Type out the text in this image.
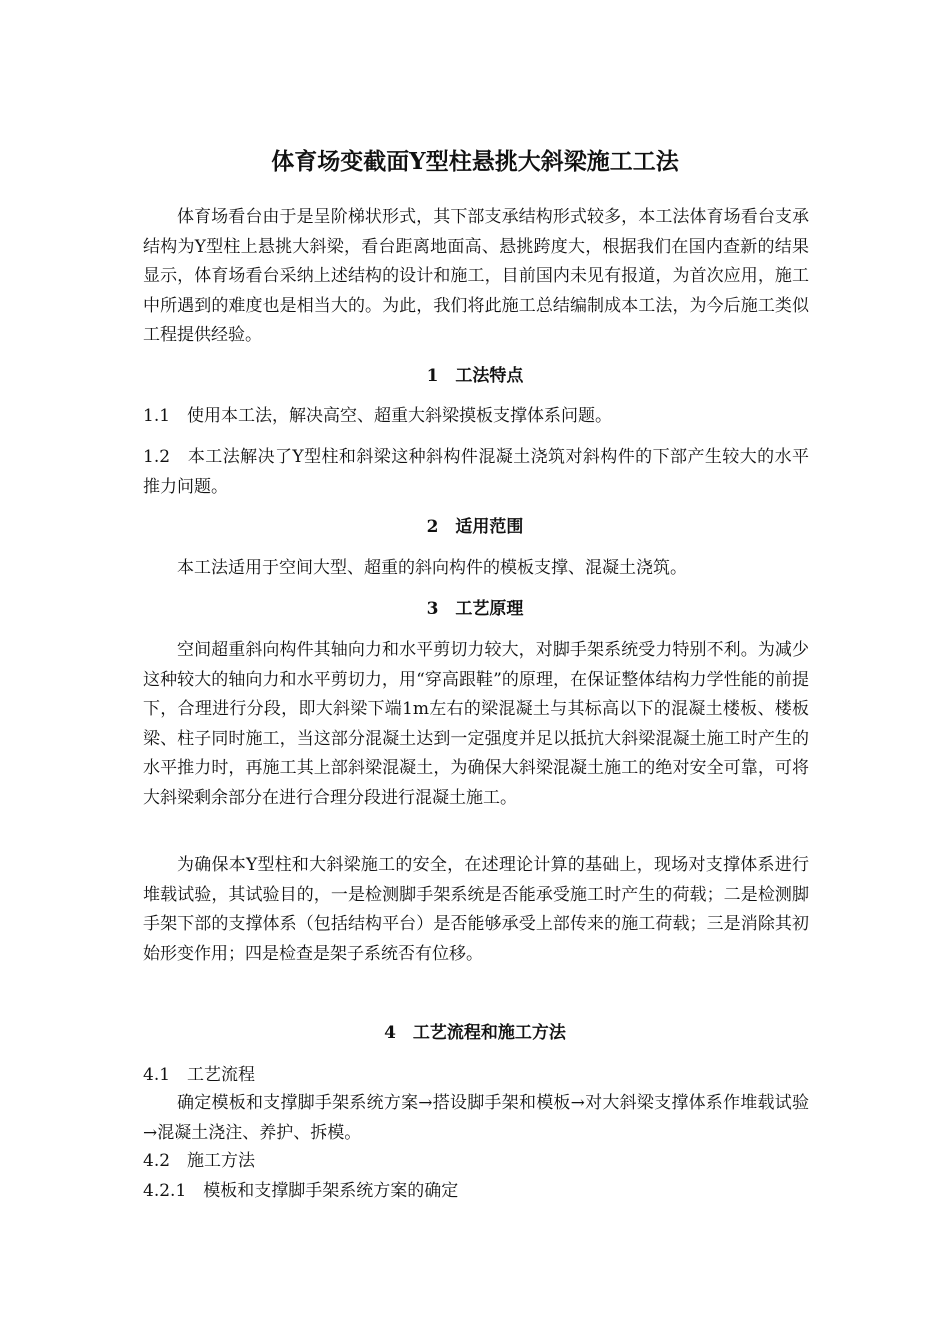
体育场变截面Y型柱悬挑大斜梁施工工法

体育场看台由于是呈阶梯状形式，其下部支承结构形式较多，本工法体育场看台支承结构为Y型柱上悬挑大斜梁，看台距离地面高、悬挑跨度大，根据我们在国内查新的结果显示，体育场看台采纳上述结构的设计和施工，目前国内未见有报道，为首次应用，施工中所遇到的难度也是相当大的。为此，我们将此施工总结编制成本工法，为今后施工类似工程提供经验。

1　工法特点

1.1　使用本工法，解决高空、超重大斜梁摸板支撑体系问题。

1.2　本工法解决了Y型柱和斜梁这种斜构件混凝土浇筑对斜构件的下部产生较大的水平推力问题。

2　适用范围

本工法适用于空间大型、超重的斜向构件的模板支撑、混凝土浇筑。

3　工艺原理

空间超重斜向构件其轴向力和水平剪切力较大，对脚手架系统受力特别不利。为减少这种较大的轴向力和水平剪切力，用“穿高跟鞋”的原理，在保证整体结构力学性能的前提下，合理进行分段，即大斜梁下端1m左右的梁混凝土与其标高以下的混凝土楼板、楼板梁、柱子同时施工，当这部分混凝土达到一定强度并足以抵抗大斜梁混凝土施工时产生的水平推力时，再施工其上部斜梁混凝土，为确保大斜梁混凝土施工的绝对安全可靠，可将大斜梁剩余部分在进行合理分段进行混凝土施工。

为确保本Y型柱和大斜梁施工的安全，在述理论计算的基础上，现场对支撑体系进行堆载试验，其试验目的，一是检测脚手架系统是否能承受施工时产生的荷载；二是检测脚手架下部的支撑体系（包括结构平台）是否能够承受上部传来的施工荷载；三是消除其初始形变作用；四是检查是架子系统否有位移。

4　工艺流程和施工方法

4.1　工艺流程

确定模板和支撑脚手架系统方案→搭设脚手架和模板→对大斜梁支撑体系作堆载试验→混凝土浇注、养护、拆模。

4.2　施工方法

4.2.1　模板和支撑脚手架系统方案的确定
